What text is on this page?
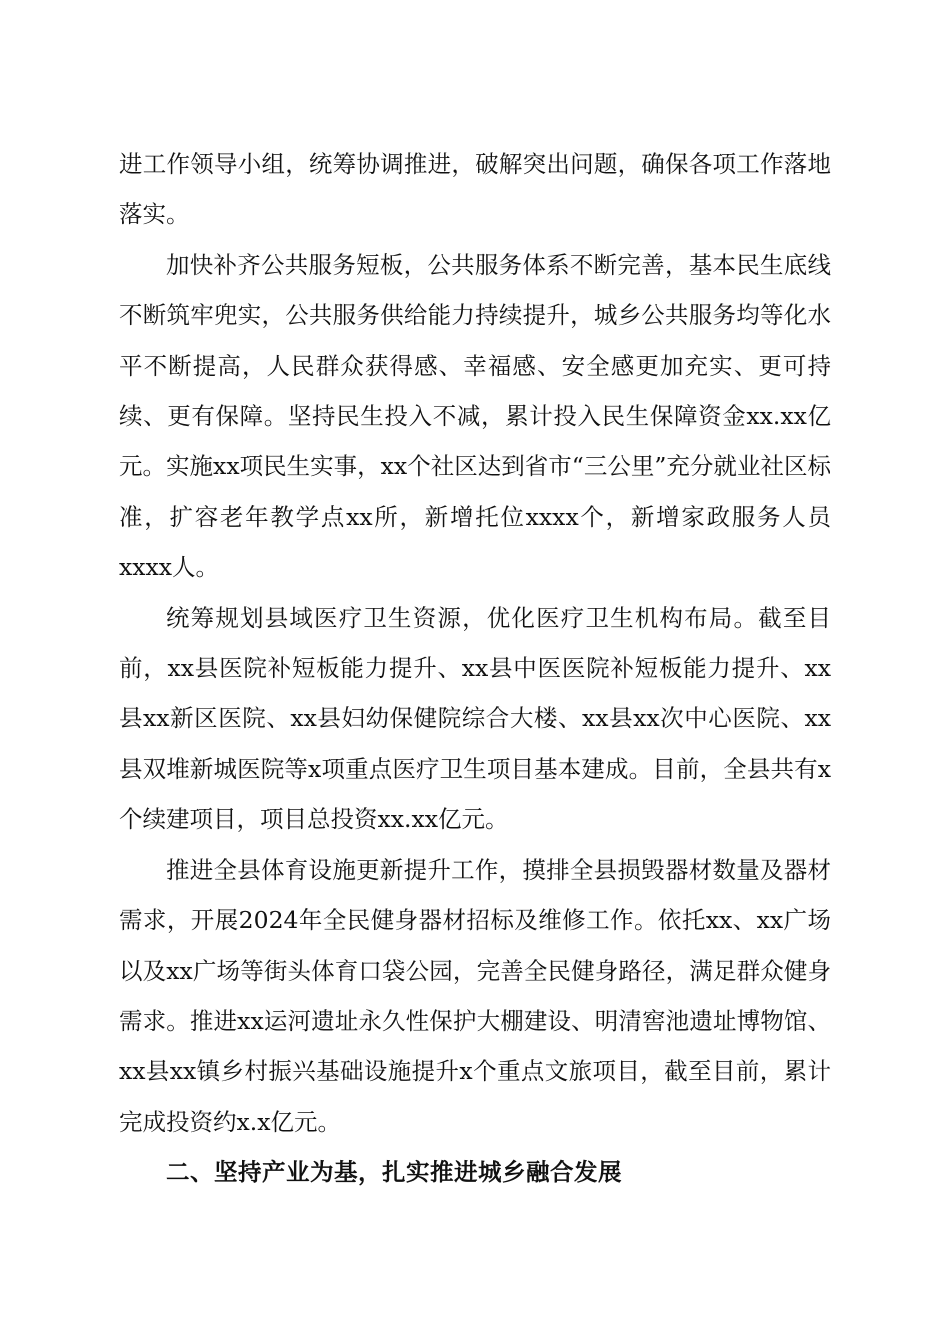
进工作领导小组，统筹协调推进，破解突出问题，确保各项工作落地落实。

加快补齐公共服务短板，公共服务体系不断完善，基本民生底线不断筑牢兜实，公共服务供给能力持续提升，城乡公共服务均等化水平不断提高，人民群众获得感、幸福感、安全感更加充实、更可持续、更有保障。坚持民生投入不减，累计投入民生保障资金xx.xx亿元。实施xx项民生实事，xx个社区达到省市“三公里”充分就业社区标准，扩容老年教学点xx所，新增托位xxxx个，新增家政服务人员xxxx人。

统筹规划县域医疗卫生资源，优化医疗卫生机构布局。截至目前，xx县医院补短板能力提升、xx县中医医院补短板能力提升、xx县xx新区医院、xx县妇幼保健院综合大楼、xx县xx次中心医院、xx县双堆新城医院等x项重点医疗卫生项目基本建成。目前，全县共有x个续建项目，项目总投资xx.xx亿元。

推进全县体育设施更新提升工作，摸排全县损毁器材数量及器材需求，开展2024年全民健身器材招标及维修工作。依托xx、xx广场以及xx广场等街头体育口袋公园，完善全民健身路径，满足群众健身需求。推进xx运河遗址永久性保护大棚建设、明清窖池遗址博物馆、xx县xx镇乡村振兴基础设施提升x个重点文旅项目，截至目前，累计完成投资约x.x亿元。

二、坚持产业为基，扎实推进城乡融合发展
